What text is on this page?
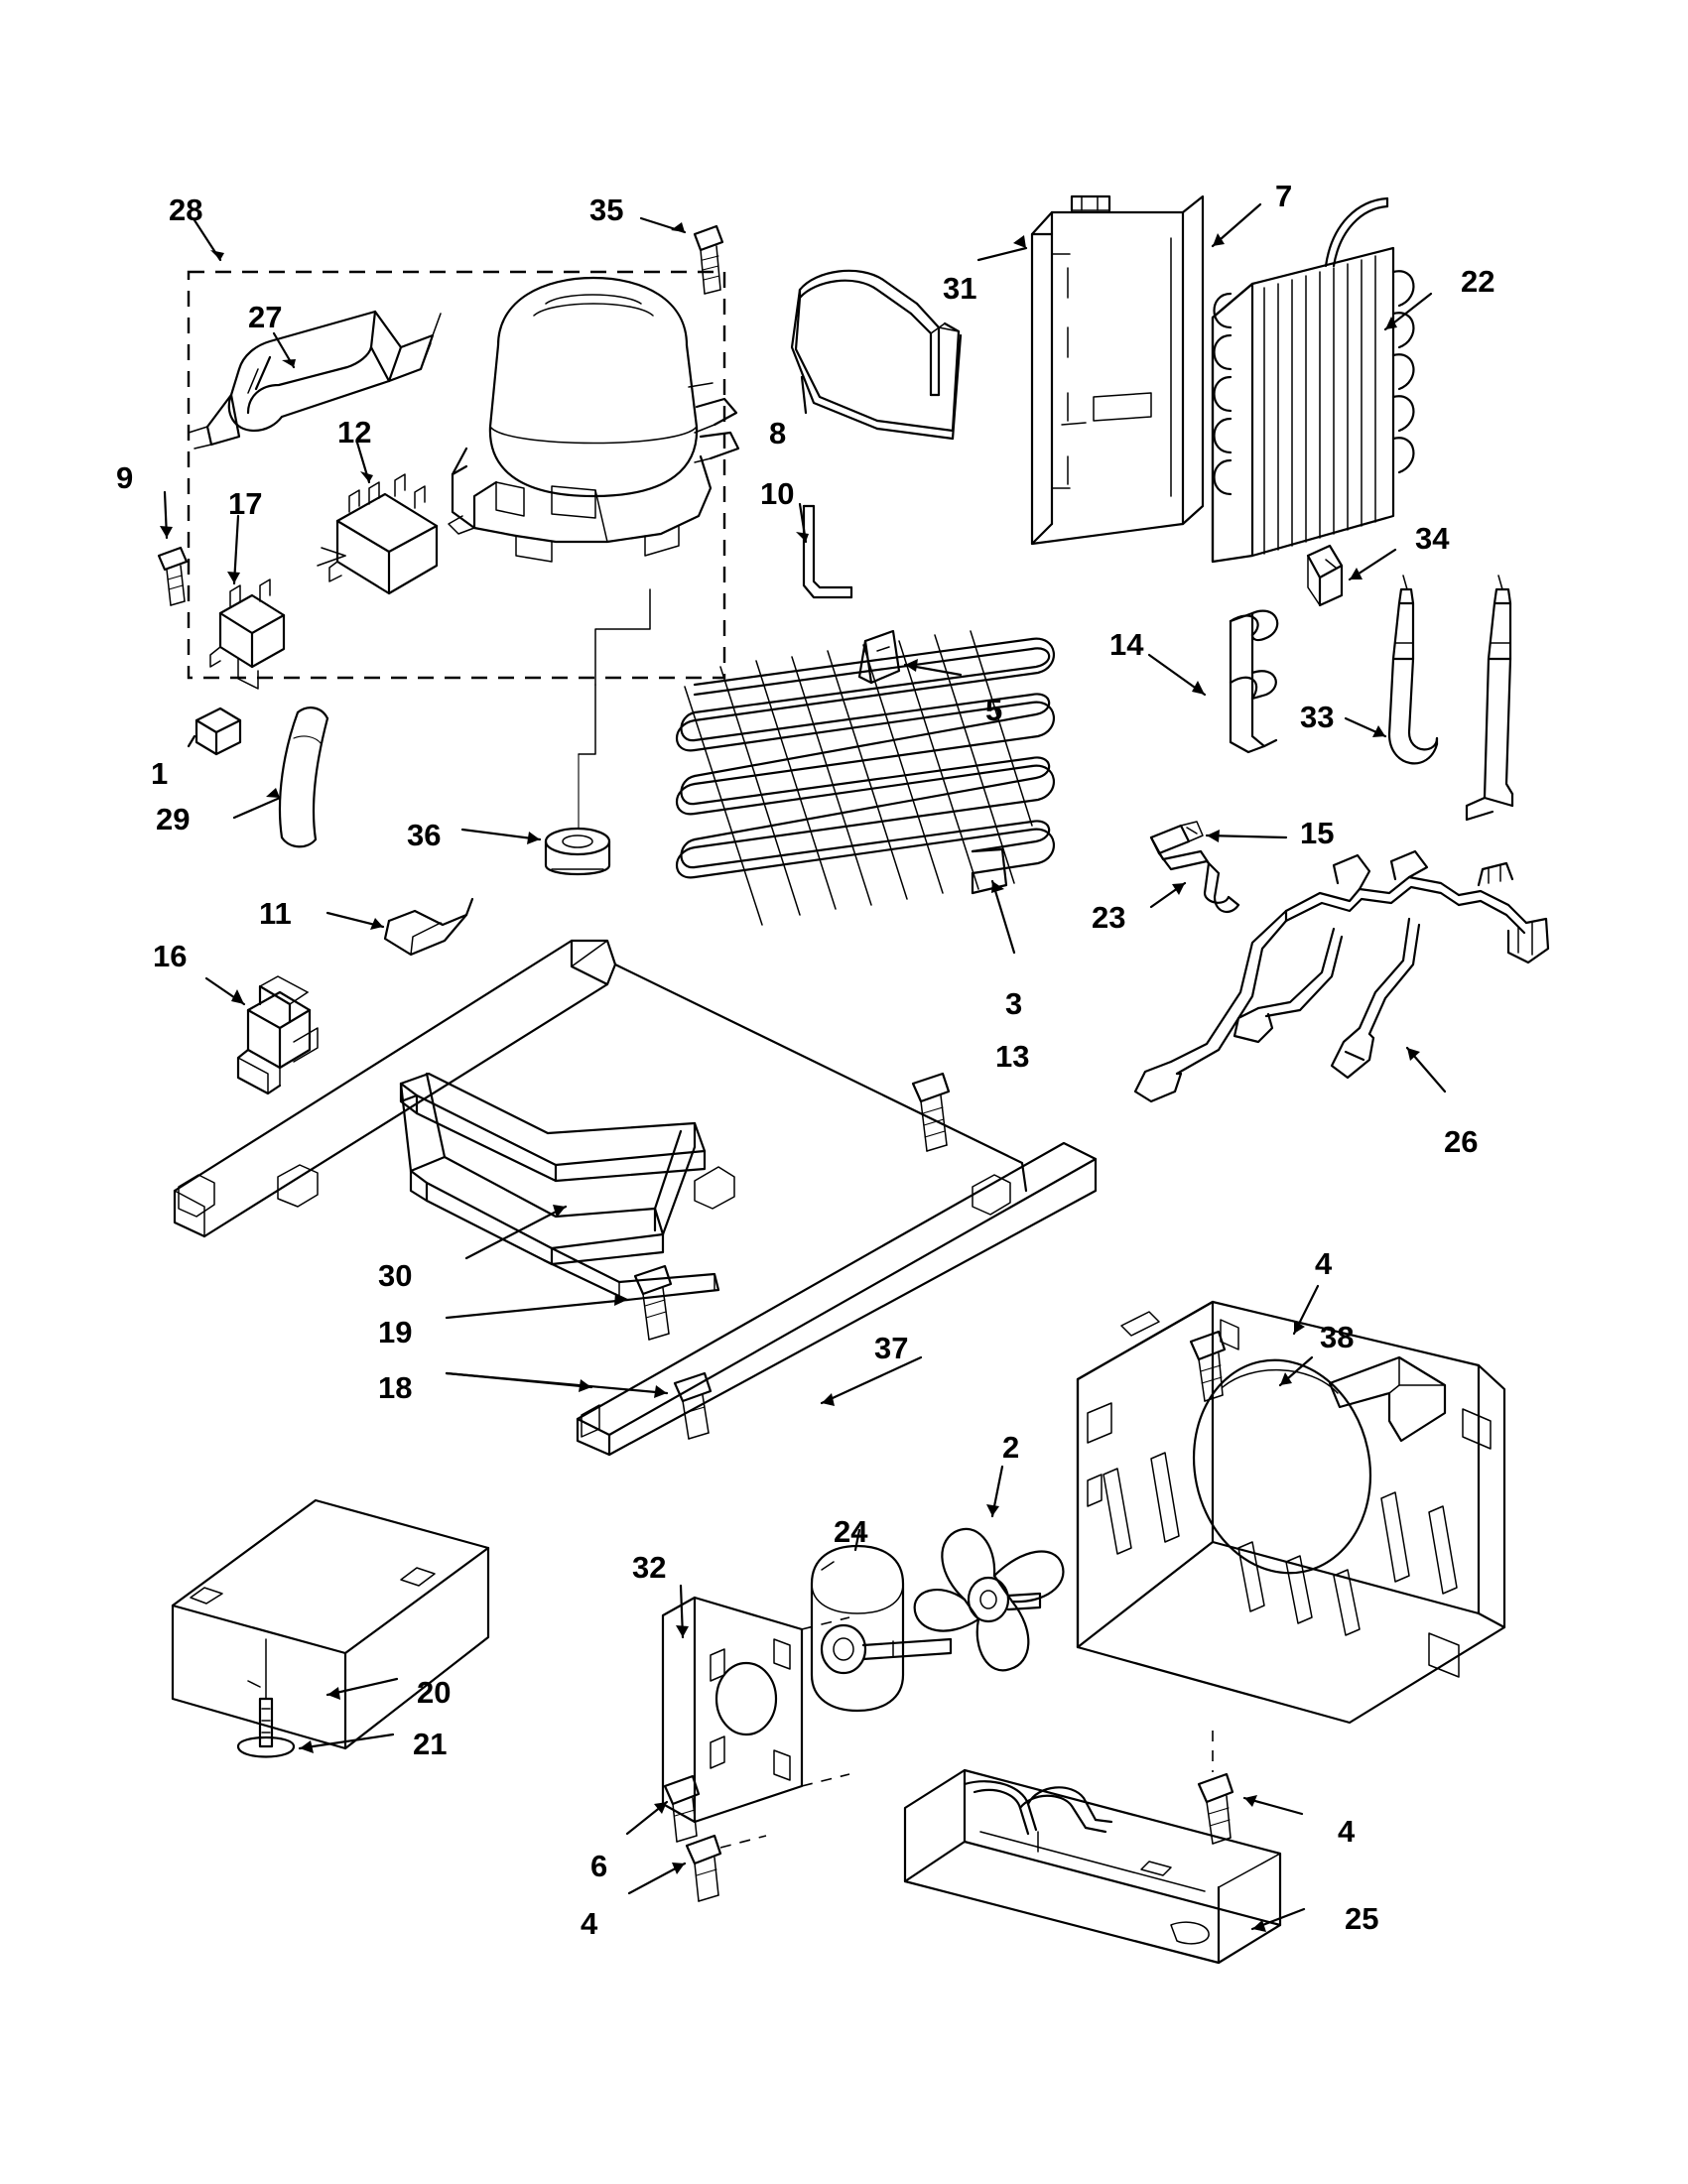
28	35
31
7
22
27
12	8
9
17	10
34
14
33
5
1
29	36	15
23
11
16
3
13
26
30	4
19	38
37
18
2
24
32
20
21
4
6
25
4
